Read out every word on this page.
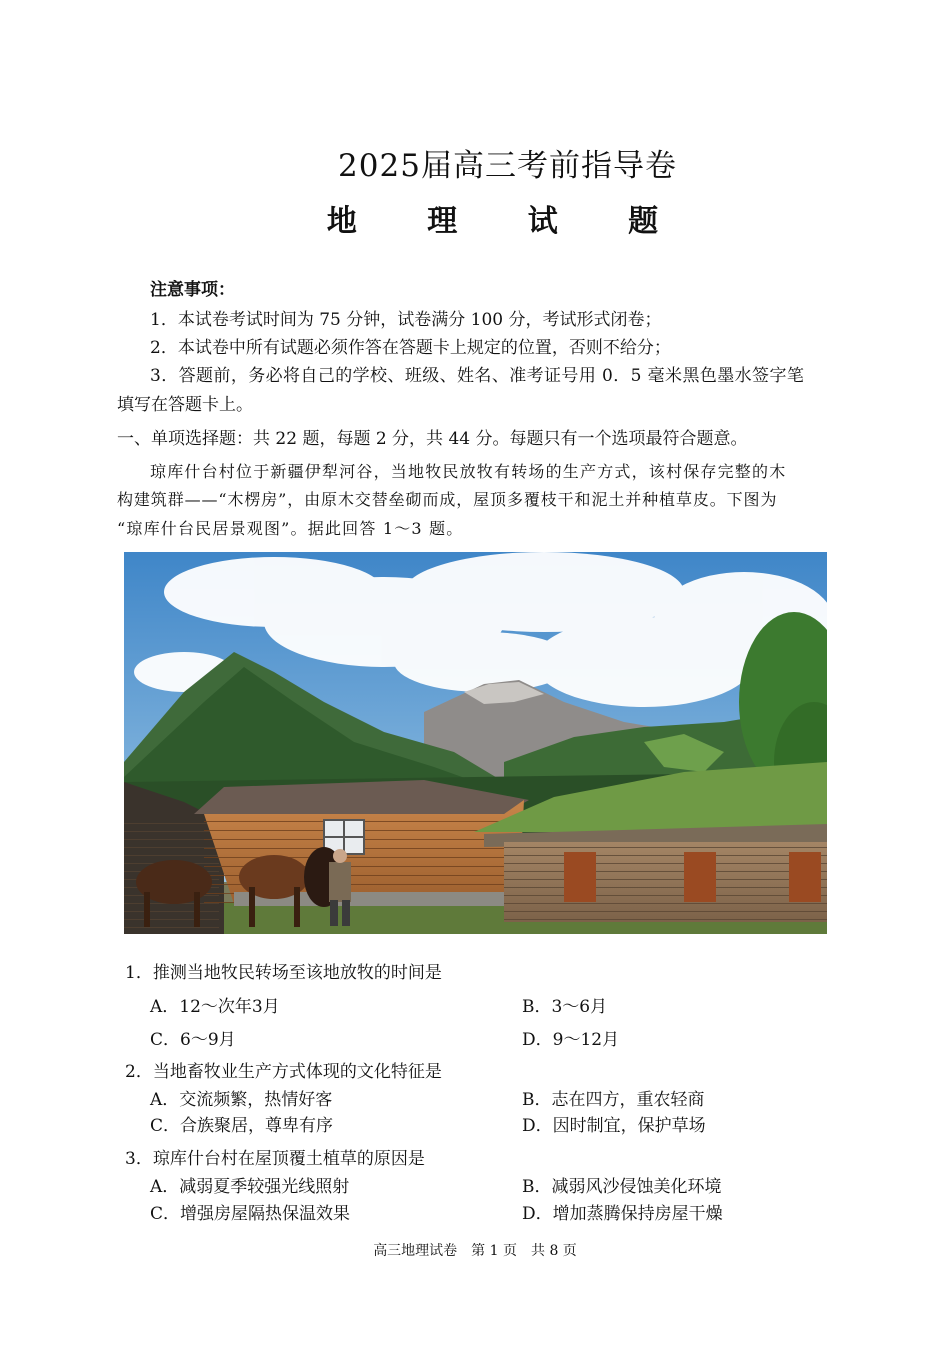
2025届高三考前指导卷
地 理 试 题
注意事项：
1．本试卷考试时间为 75 分钟，试卷满分 100 分，考试形式闭卷；
2．本试卷中所有试题必须作答在答题卡上规定的位置，否则不给分；
3．答题前，务必将自己的学校、班级、姓名、准考证号用 0．5 毫米黑色墨水签字笔
填写在答题卡上。
一、单项选择题：共 22 题，每题 2 分，共 44 分。每题只有一个选项最符合题意。
琼库什台村位于新疆伊犁河谷，当地牧民放牧有转场的生产方式，该村保存完整的木
构建筑群——“木楞房”，由原木交替垒砌而成，屋顶多覆枝干和泥土并种植草皮。下图为
“琼库什台民居景观图”。据此回答 1～3 题。
1．推测当地牧民转场至该地放牧的时间是
A．12～次年3月	B．3～6月
C．6～9月	D．9～12月
2．当地畜牧业生产方式体现的文化特征是
A．交流频繁，热情好客	B．志在四方，重农轻商
C．合族聚居，尊卑有序	D．因时制宜，保护草场
3．琼库什台村在屋顶覆土植草的原因是
A．减弱夏季较强光线照射	B．减弱风沙侵蚀美化环境
C．增强房屋隔热保温效果	D．增加蒸腾保持房屋干燥
高三地理试卷　第 1 页　共 8 页
